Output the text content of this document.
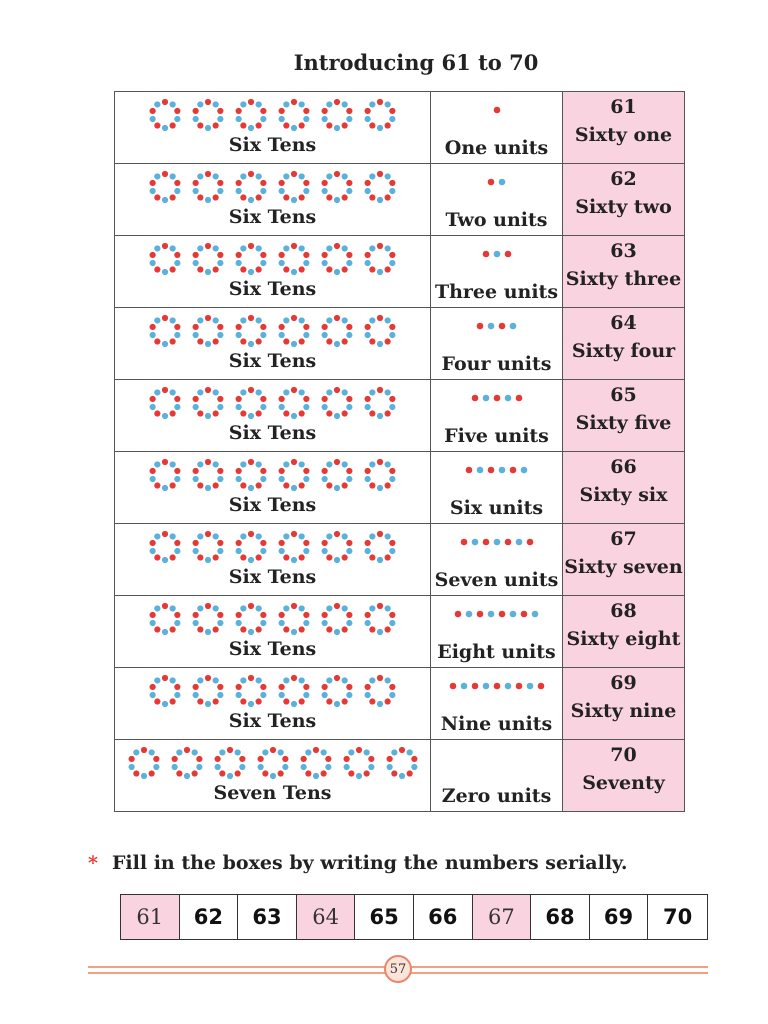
Introducing 61 to 70
Six Tens	One units	61
Sixty one

Six Tens	Two units	62
Sixty two

Six Tens	Three units	63
Sixty three

Six Tens	Four units	64
Sixty four

Six Tens	Five units	65
Sixty five

Six Tens	Six units	66
Sixty six

Six Tens	Seven units	67
Sixty seven

Six Tens	Eight units	68
Sixty eight

Six Tens	Nine units	69
Sixty nine

Seven Tens	Zero units	70
Seventy
* Fill in the boxes by writing the numbers serially.
61	62	63	64	65	66	67	68	69	70
57
